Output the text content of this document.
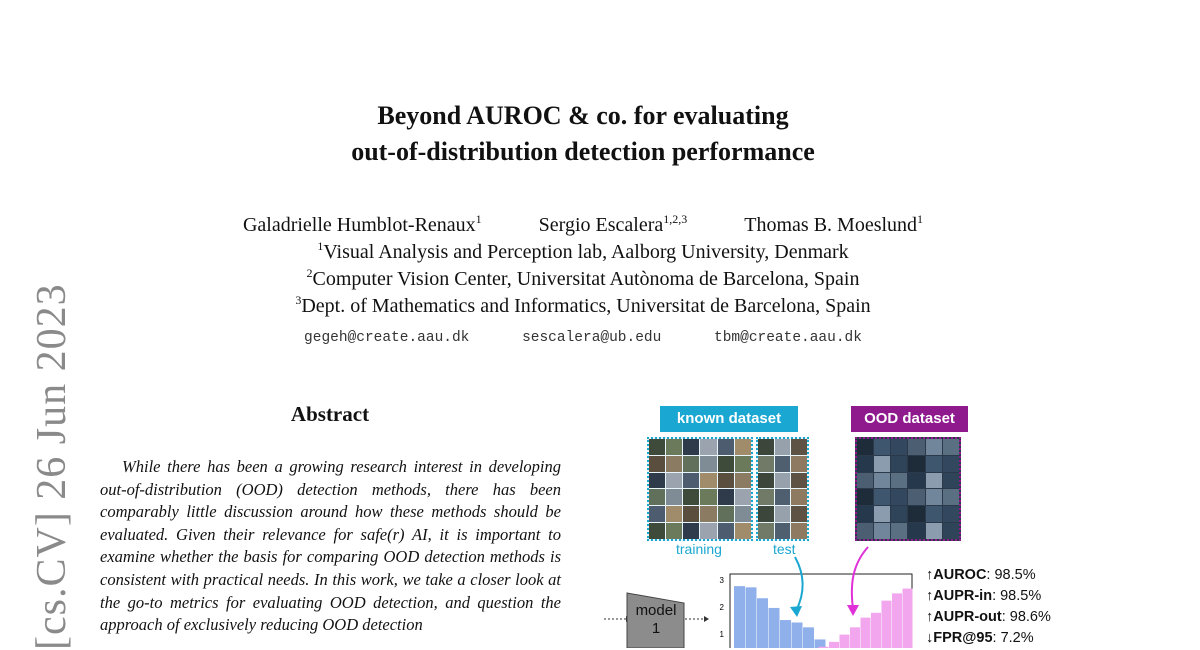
Beyond AUROC & co. for evaluating
out-of-distribution detection performance
Galadrielle Humblot-Renaux$^1$	Sergio Escalera$^{1,2,3}$	Thomas B. Moeslund$^1$
$^1$Visual Analysis and Perception lab, Aalborg University, Denmark
$^2$Computer Vision Center, Universitat Autònoma de Barcelona, Spain
$^3$Dept. of Mathematics and Informatics, Universitat de Barcelona, Spain
gegeh@create.aau.dk	sescalera@ub.edu	tbm@create.aau.dk
[cs.CV] 26 Jun 2023	Abstract
While there has been a growing research interest in developing out-of-distribution (OOD) detection methods, there has been comparably little discussion around how these methods should be evaluated. Given their relevance for safe(r) AI, it is important to examine whether the basis for comparing OOD detection methods is consistent with practical needs. In this work, we take a closer look at the go-to metrics for evaluating OOD detection, and question the approach of exclusively reducing OOD detection
known dataset	OOD dataset
training	test
model
1
3
2
1
↑AUROC: 98.5%
↑AUPR-in: 98.5%
↑AUPR-out: 98.6%
↓FPR@95: 7.2%
